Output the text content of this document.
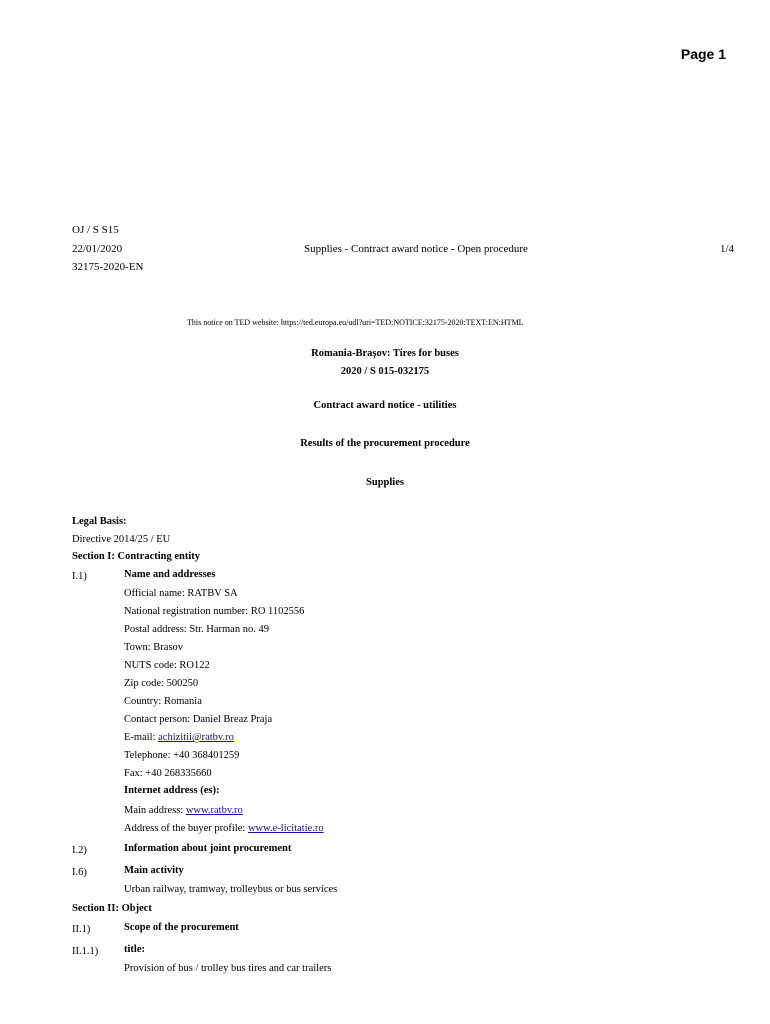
Page 1
OJ / S S15
22/01/2020	Supplies - Contract award notice - Open procedure	1/4
32175-2020-EN
This notice on TED website: https://ted.europa.eu/udl?uri=TED:NOTICE:32175-2020:TEXT:EN:HTML
Romania-Brașov: Tires for buses
2020 / S 015-032175
Contract award notice - utilities
Results of the procurement procedure
Supplies
Legal Basis:
Directive 2014/25 / EU
Section I: Contracting entity
I.1)	Name and addresses
Official name: RATBV SA
National registration number: RO 1102556
Postal address: Str. Harman no. 49
Town: Brasov
NUTS code: RO122
Zip code: 500250
Country: Romania
Contact person: Daniel Breaz Praja
E-mail: achizitii@ratbv.ro
Telephone: +40 368401259
Fax: +40 268335660
Internet address (es):
Main address: www.ratbv.ro
Address of the buyer profile: www.e-licitatie.ro
I.2)	Information about joint procurement
I.6)	Main activity
Urban railway, tramway, trolleybus or bus services
Section II: Object
II.1)	Scope of the procurement
II.1.1) title:
Provision of bus / trolley bus tires and car trailers
